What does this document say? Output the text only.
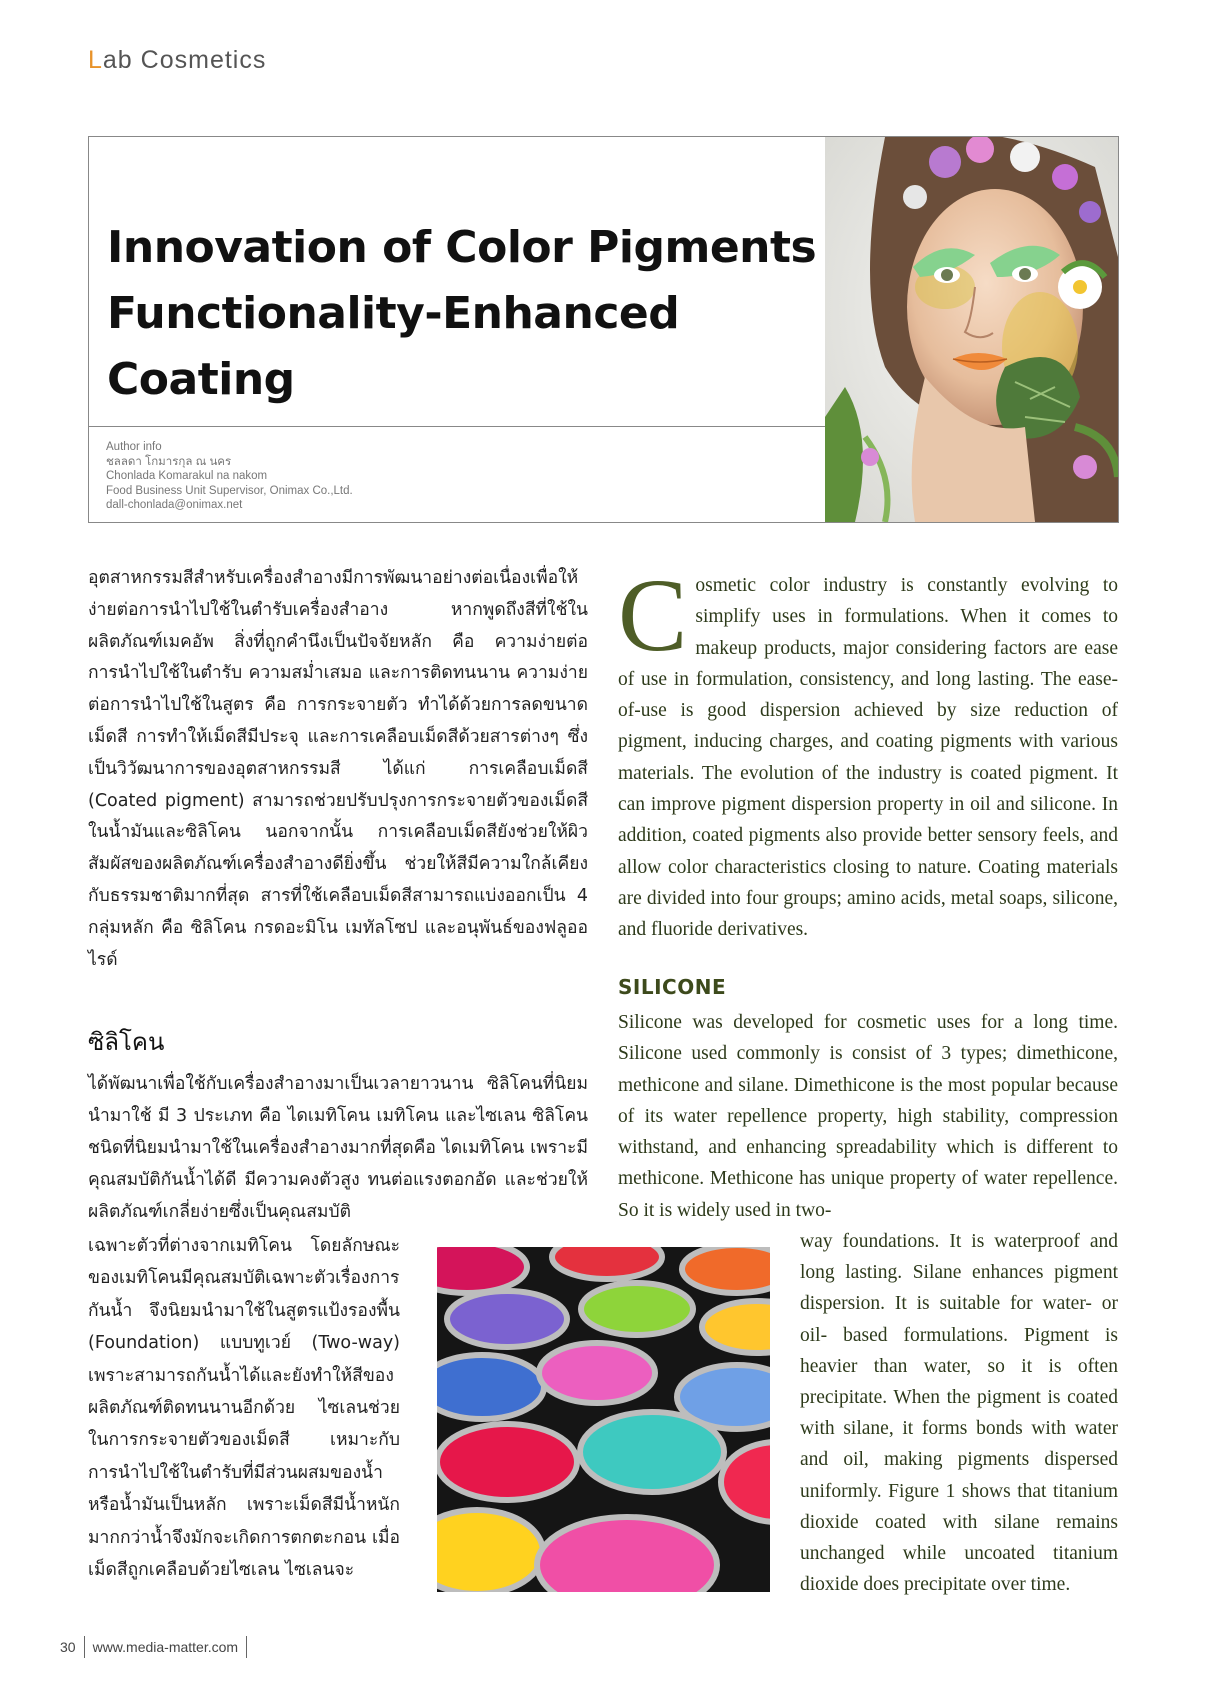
Lab Cosmetics
Innovation of Color Pigments
Functionality-Enhanced Coating
Author info
ชลลดา โกมารกุล ณ นคร
Chonlada Komarakul na nakom
Food Business Unit Supervisor, Onimax Co.,Ltd.
dall-chonlada@onimax.net

อุตสาหกรรมสีสำหรับเครื่องสำอางมีการพัฒนาอย่างต่อเนื่องเพื่อให้ง่ายต่อการนำไปใช้ในตำรับเครื่องสำอาง หากพูดถึงสีที่ใช้ในผลิตภัณฑ์เมคอัพ สิ่งที่ถูกคำนึงเป็นปัจจัยหลัก คือ ความง่ายต่อการนำไปใช้ในตำรับ ความสม่ำเสมอ และการติดทนนาน ความง่ายต่อการนำไปใช้ในสูตร คือ การกระจายตัว ทำได้ด้วยการลดขนาดเม็ดสี การทำให้เม็ดสีมีประจุ และการเคลือบเม็ดสีด้วยสารต่างๆ ซึ่งเป็นวิวัฒนาการของอุตสาหกรรมสี ได้แก่ การเคลือบเม็ดสี (Coated pigment) สามารถช่วยปรับปรุงการกระจายตัวของเม็ดสีในน้ำมันและซิลิโคน นอกจากนั้น การเคลือบเม็ดสียังช่วยให้ผิวสัมผัสของผลิตภัณฑ์เครื่องสำอางดียิ่งขึ้น ช่วยให้สีมีความใกล้เคียงกับธรรมชาติมากที่สุด สารที่ใช้เคลือบเม็ดสีสามารถแบ่งออกเป็น 4 กลุ่มหลัก คือ ซิลิโคน กรดอะมิโน เมทัลโซป และอนุพันธ์ของฟลูออไรด์

ซิลิโคน

ได้พัฒนาเพื่อใช้กับเครื่องสำอางมาเป็นเวลายาวนาน ซิลิโคนที่นิยมนำมาใช้ มี 3 ประเภท คือ ไดเมทิโคน เมทิโคน และไซเลน ซิลิโคนชนิดที่นิยมนำมาใช้ในเครื่องสำอางมากที่สุดคือ ไดเมทิโคน เพราะมีคุณสมบัติกันน้ำได้ดี มีความคงตัวสูง ทนต่อแรงตอกอัด และช่วยให้ผลิตภัณฑ์เกลี่ยง่ายซึ่งเป็นคุณสมบัติ

เฉพาะตัวที่ต่างจากเมทิโคน โดยลักษณะของเมทิโคนมีคุณสมบัติเฉพาะตัวเรื่องการกันน้ำ จึงนิยมนำมาใช้ในสูตรแป้งรองพื้น (Foundation) แบบทูเวย์ (Two-way) เพราะสามารถกันน้ำได้และยังทำให้สีของผลิตภัณฑ์ติดทนนานอีกด้วย ไซเลนช่วยในการกระจายตัวของเม็ดสี เหมาะกับการนำไปใช้ในตำรับที่มีส่วนผสมของน้ำหรือน้ำมันเป็นหลัก เพราะเม็ดสีมีน้ำหนักมากกว่าน้ำจึงมักจะเกิดการตกตะกอน เมื่อเม็ดสีถูกเคลือบด้วยไซเลน ไซเลนจะ

Cosmetic color industry is constantly evolving to simplify uses in formulations. When it comes to makeup products, major considering factors are ease of use in formulation, consistency, and long lasting. The ease-of-use is good dispersion achieved by size reduction of pigment, inducing charges, and coating pigments with various materials. The evolution of the industry is coated pigment. It can improve pigment dispersion property in oil and silicone. In addition, coated pigments also provide better sensory feels, and allow color characteristics closing to nature. Coating materials are divided into four groups; amino acids, metal soaps, silicone, and fluoride derivatives.

SILICONE

Silicone was developed for cosmetic uses for a long time. Silicone used commonly is consist of 3 types; dimethicone, methicone and silane. Dimethicone is the most popular because of its water repellence property, high stability, compression withstand, and enhancing spreadability which is different to methicone. Methicone has unique property of water repellence. So it is widely used in two-

way foundations. It is waterproof and long lasting. Silane enhances pigment dispersion. It is suitable for water- or oil- based formulations. Pigment is heavier than water, so it is often precipitate. When the pigment is coated with silane, it forms bonds with water and oil, making pigments dispersed uniformly. Figure 1 shows that titanium dioxide coated with silane remains unchanged while uncoated titanium dioxide does precipitate over time.

30 www.media-matter.com
